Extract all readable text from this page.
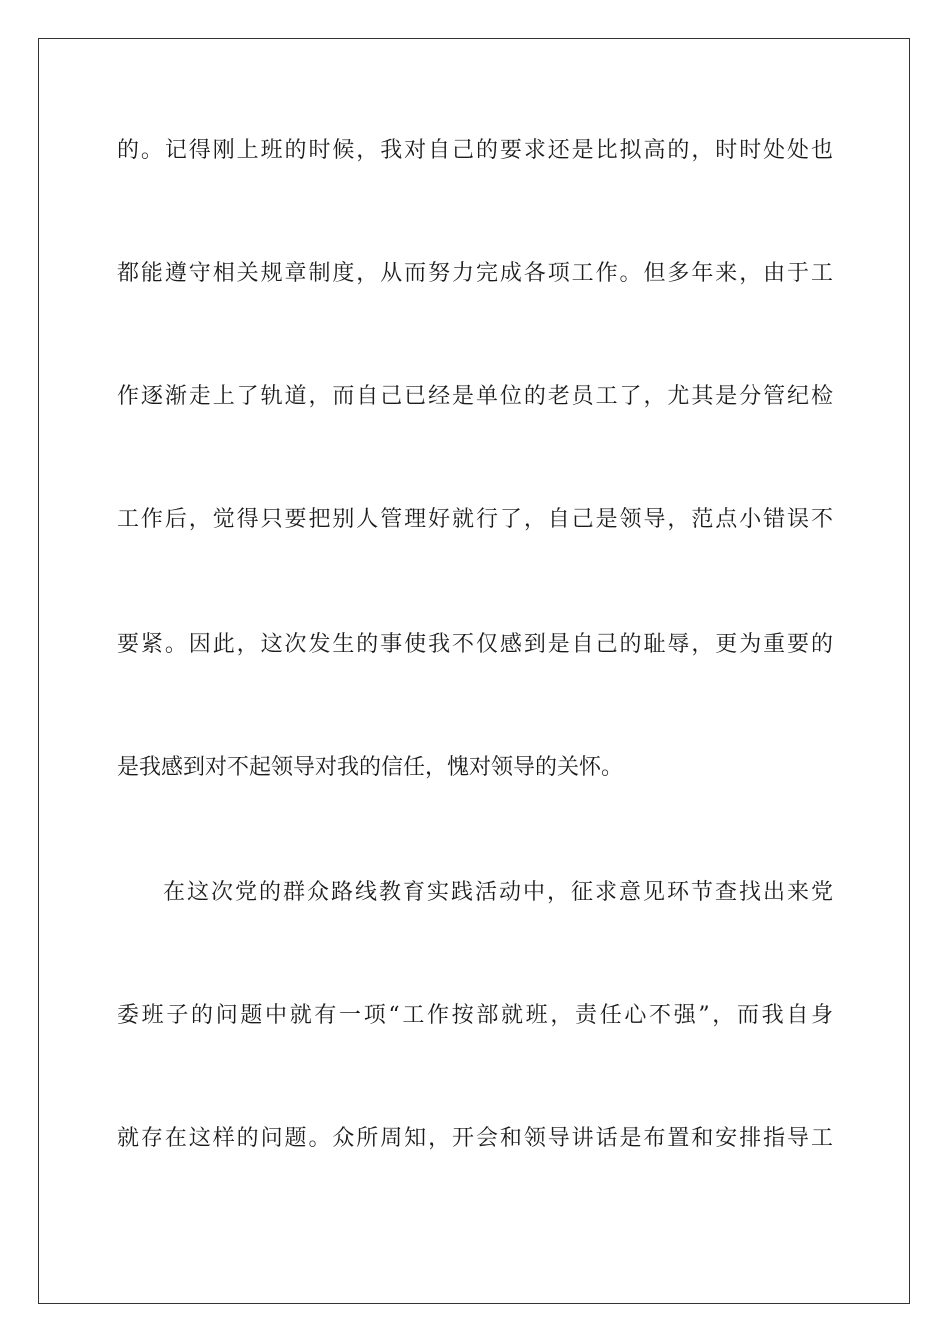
的。记得刚上班的时候，我对自己的要求还是比拟高的，时时处处也
都能遵守相关规章制度，从而努力完成各项工作。但多年来，由于工
作逐渐走上了轨道，而自己已经是单位的老员工了，尤其是分管纪检
工作后，觉得只要把别人管理好就行了，自己是领导，范点小错误不
要紧。因此，这次发生的事使我不仅感到是自己的耻辱，更为重要的
是我感到对不起领导对我的信任，愧对领导的关怀。
在这次党的群众路线教育实践活动中，征求意见环节查找出来党
委班子的问题中就有一项“工作按部就班，责任心不强”，而我自身
就存在这样的问题。众所周知，开会和领导讲话是布置和安排指导工
